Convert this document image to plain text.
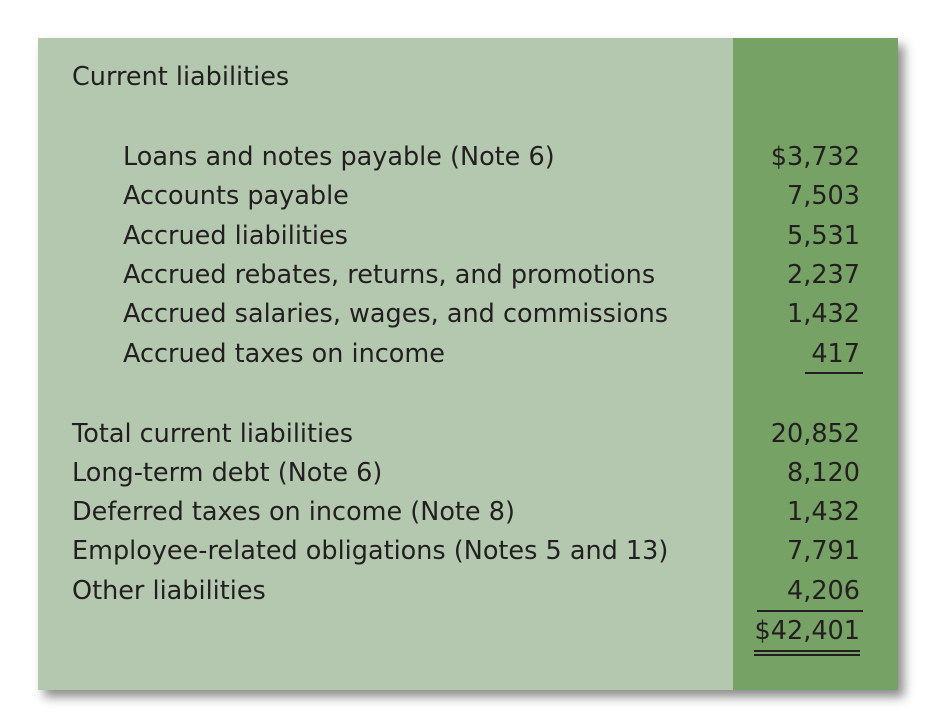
Current liabilities
Loans and notes payable (Note 6)	$3,732
Accounts payable	7,503
Accrued liabilities	5,531
Accrued rebates, returns, and promotions	2,237
Accrued salaries, wages, and commissions	1,432
Accrued taxes on income	417
Total current liabilities	20,852
Long-term debt (Note 6)	8,120
Deferred taxes on income (Note 8)	1,432
Employee-related obligations (Notes 5 and 13)	7,791
Other liabilities	4,206
$42,401
